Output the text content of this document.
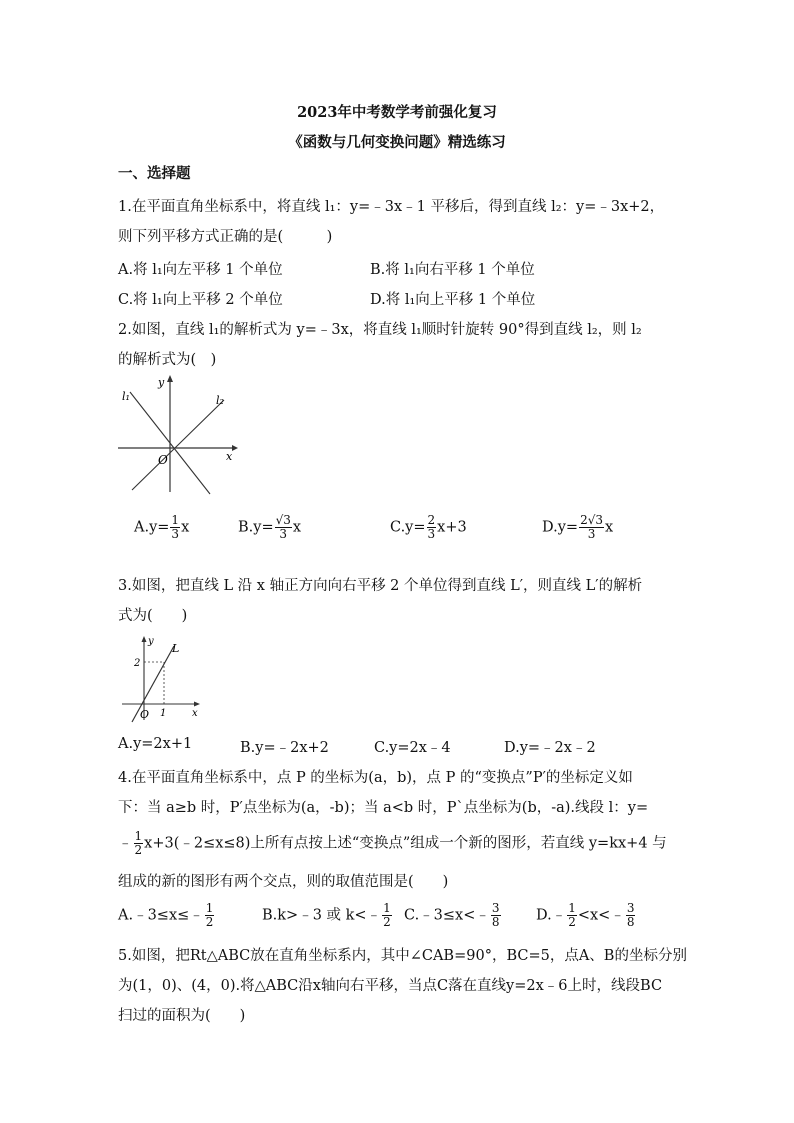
2023年中考数学考前强化复习
《函数与几何变换问题》精选练习
一、选择题
1.在平面直角坐标系中，将直线 l₁：y=﹣3x﹣1 平移后，得到直线 l₂：y=﹣3x+2，
则下列平移方式正确的是(　　　)
A.将 l₁向左平移 1 个单位	B.将 l₁向右平移 1 个单位
C.将 l₁向上平移 2 个单位	D.将 l₁向上平移 1 个单位
2.如图，直线 l₁的解析式为 y=﹣3x，将直线 l₁顺时针旋转 90°得到直线 l₂，则 l₂
的解析式为(　)
l₁	l₂
y
x
O
$A.y= \frac{1}{3}$ x	$B.y= \frac{√3}{3}$ x	$C.y= \frac{2}{3} x+3$	$D.y= \frac{2√3}{3}$ x
3.如图，把直线 L 沿 x 轴正方向向右平移 2 个单位得到直线 L′，则直线 L′的解析
式为(　　)
y
x
O
L
2
1
A.y=2x+1	B.y=﹣2x+2	C.y=2x﹣4	D.y=﹣2x﹣2
4.在平面直角坐标系中，点 P 的坐标为(a，b)，点 P 的“变换点”P′的坐标定义如
下：当 a≥b 时，P′点坐标为(a，-b)；当 a<b 时，P`点坐标为(b，-a).线段 l：y=
﹣ $\frac{1}{2}$ x+3(﹣2≤x≤8)上所有点按上述“变换点”组成一个新的图形，若直线 y=kx+4 与
组成的新的图形有两个交点，则的取值范围是(　　)
A.﹣3≤x≤﹣ $\frac{1}{2}$	B.k>﹣3 或 k<﹣ $\frac{1}{2}$ C.﹣3≤x<﹣ $\frac{3}{8}$ D.﹣ $\frac{1}{2}$ <x<﹣ $\frac{3}{8}$
5.如图，把Rt△ABC放在直角坐标系内，其中∠CAB=90°，BC=5，点A、B的坐标分别
为(1，0)、(4，0).将△ABC沿x轴向右平移，当点C落在直线y=2x﹣6上时，线段BC
扫过的面积为(　　)
